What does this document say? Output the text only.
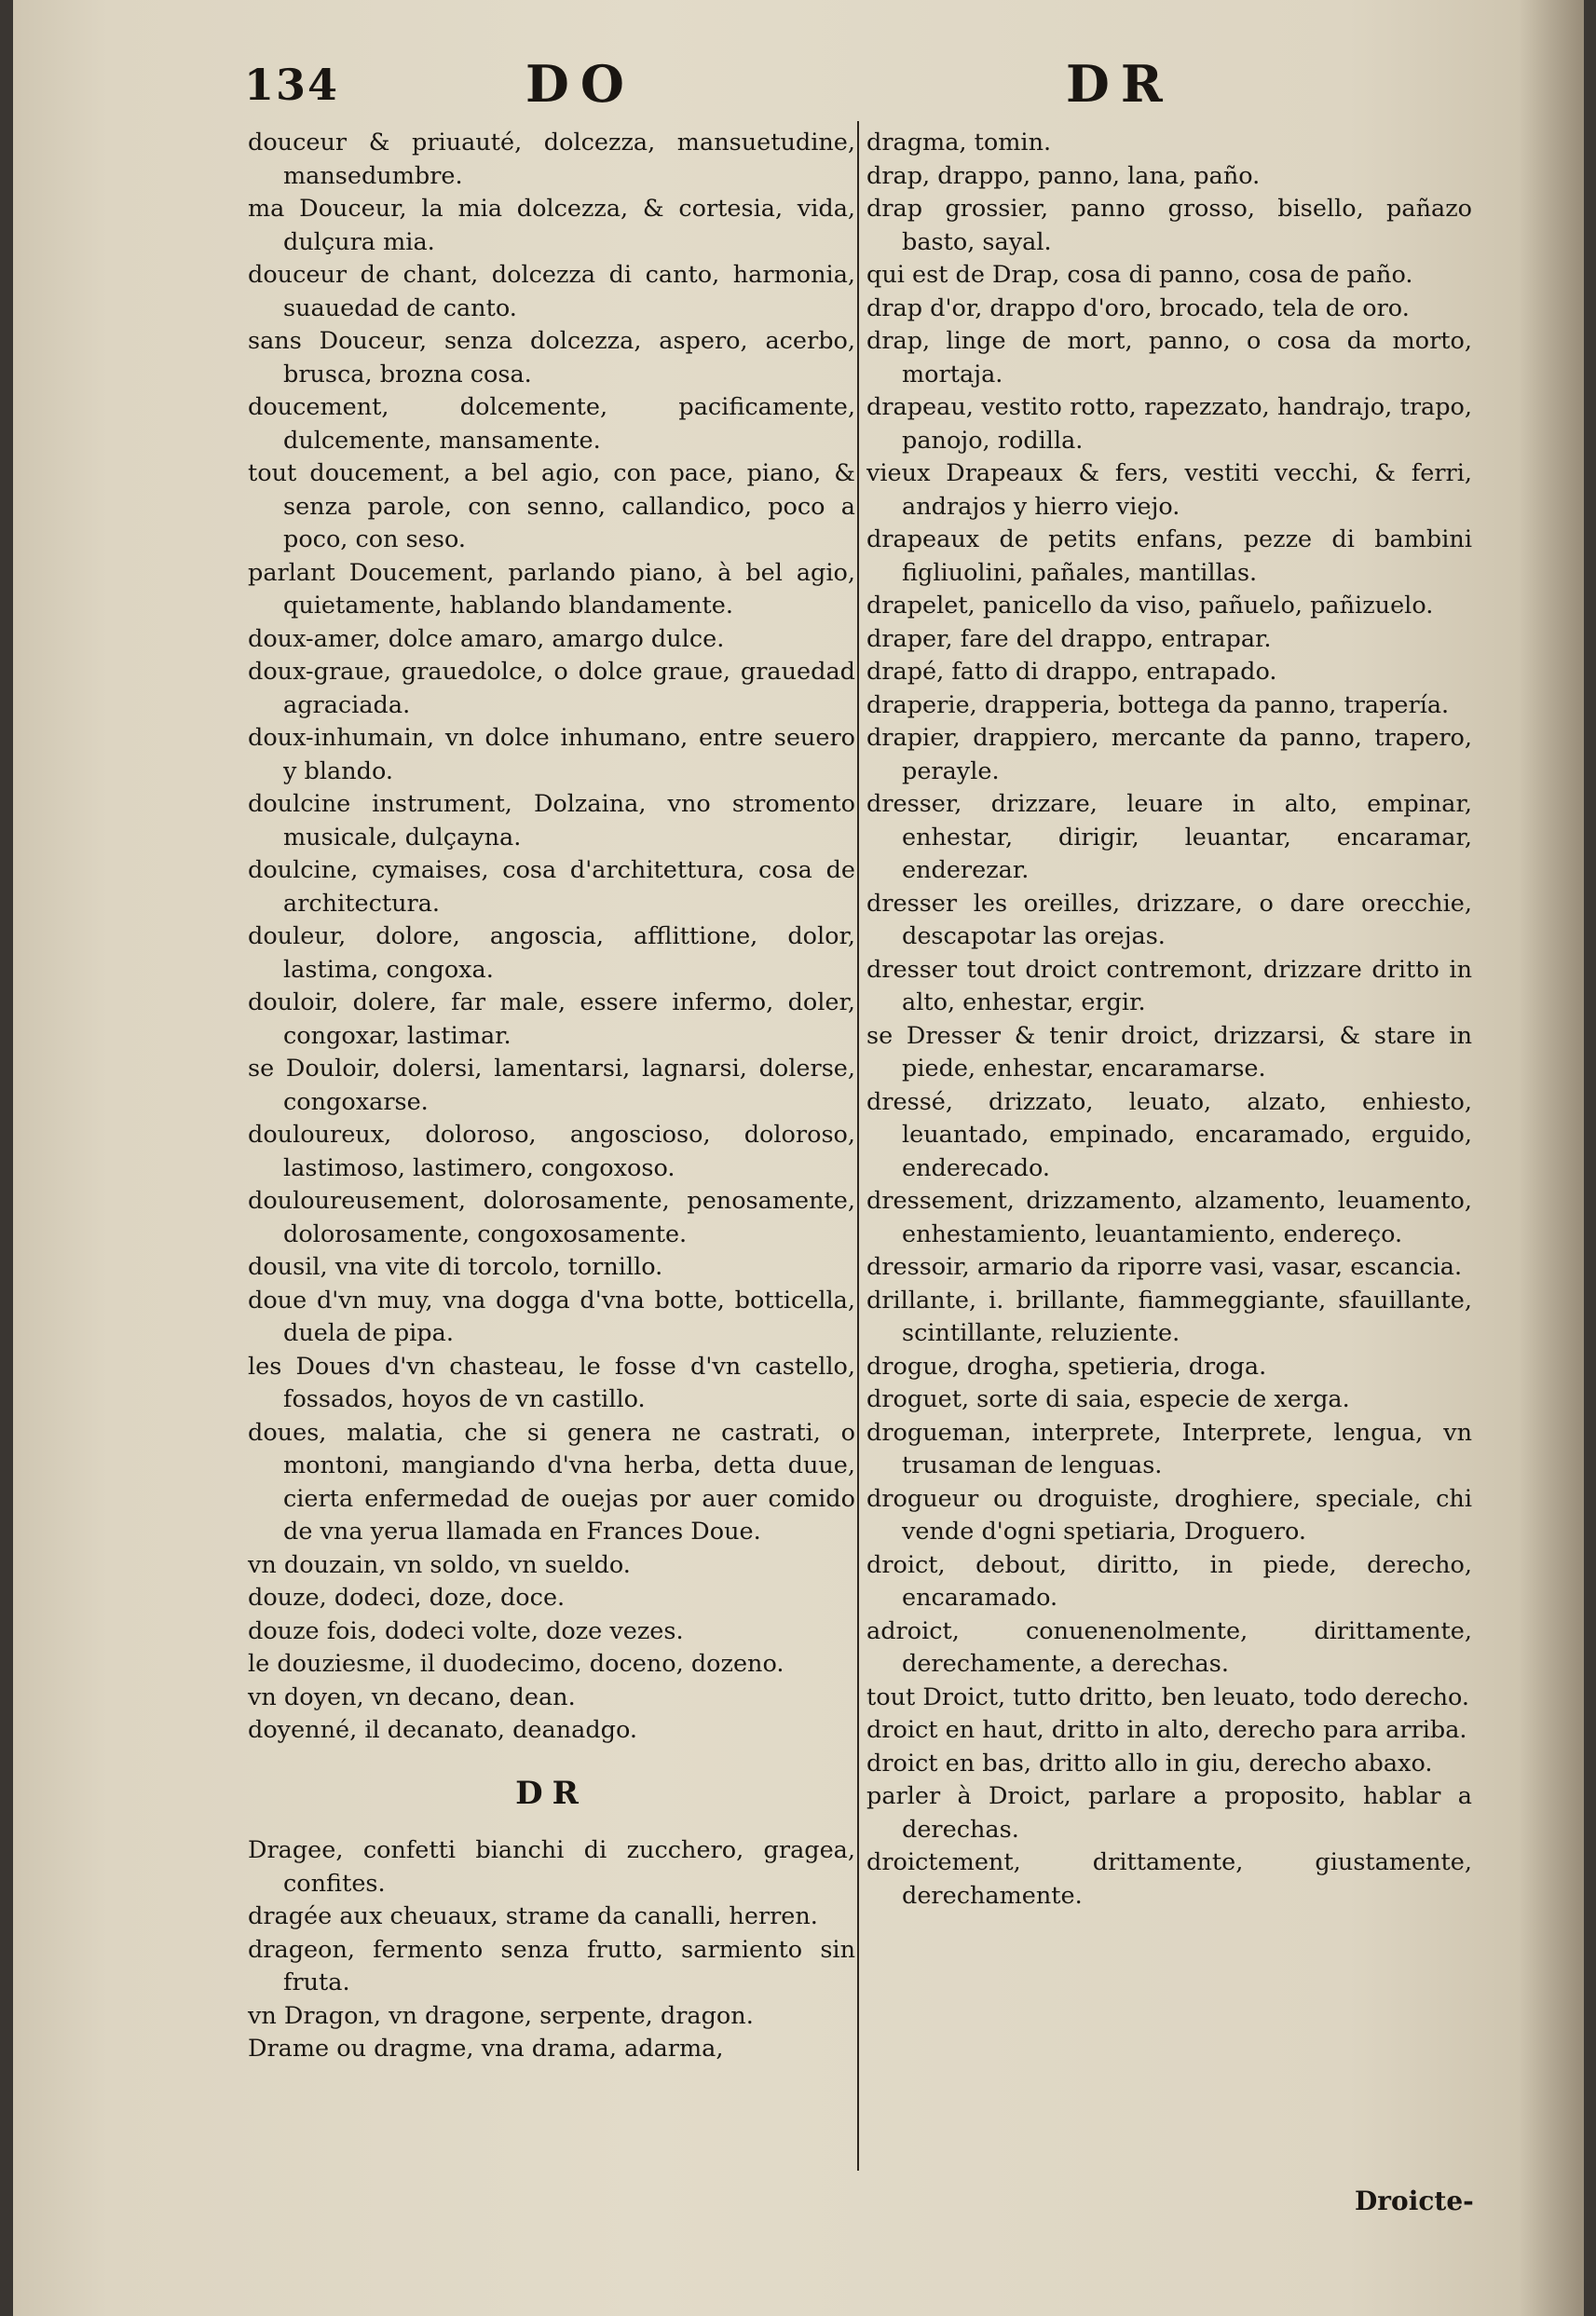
134	DO	DR

douceur & priuauté, dolcezza, mansuetudine, mansedumbre.

ma Douceur, la mia dolcezza, & cortesia, vida, dulçura mia.

douceur de chant, dolcezza di canto, harmonia, suauedad de canto.

sans Douceur, senza dolcezza, aspero, acerbo, brusca, brozna cosa.

doucement, dolcemente, pacificamente, dulcemente, mansamente.

tout doucement, a bel agio, con pace, piano, & senza parole, con senno, callandico, poco a poco, con seso.

parlant Doucement, parlando piano, à bel agio, quietamente, hablando blandamente.

doux-amer, dolce amaro, amargo dulce.

doux-graue, grauedolce, o dolce graue, grauedad agraciada.

doux-inhumain, vn dolce inhumano, entre seuero y blando.

doulcine instrument, Dolzaina, vno stromento musicale, dulçayna.

doulcine, cymaises, cosa d'architettura, cosa de architectura.

douleur, dolore, angoscia, afflittione, dolor, lastima, congoxa.

douloir, dolere, far male, essere infermo, doler, congoxar, lastimar.

se Douloir, dolersi, lamentarsi, lagnarsi, dolerse, congoxarse.

douloureux, doloroso, angoscioso, doloroso, lastimoso, lastimero, congoxoso.

douloureusement, dolorosamente, penosamente, dolorosamente, congoxosamente.

dousil, vna vite di torcolo, tornillo.

doue d'vn muy, vna dogga d'vna botte, botticella, duela de pipa.

les Doues d'vn chasteau, le fosse d'vn castello, fossados, hoyos de vn castillo.

doues, malatia, che si genera ne castrati, o montoni, mangiando d'vna herba, detta duue, cierta enfermedad de ouejas por auer comido de vna yerua llamada en Frances Doue.

vn douzain, vn soldo, vn sueldo.

douze, dodeci, doze, doce.

douze fois, dodeci volte, doze vezes.

le douziesme, il duodecimo, doceno, dozeno.

vn doyen, vn decano, dean.

doyenné, il decanato, deanadgo.

DR

Dragee, confetti bianchi di zucchero, gragea, confites.

dragée aux cheuaux, strame da canalli, herren.

drageon, fermento senza frutto, sarmiento sin fruta.

vn Dragon, vn dragone, serpente, dragon.

Drame ou dragme, vna drama, adarma,

dragma, tomin.

drap, drappo, panno, lana, paño.

drap grossier, panno grosso, bisello, pañazo basto, sayal.

qui est de Drap, cosa di panno, cosa de paño.

drap d'or, drappo d'oro, brocado, tela de oro.

drap, linge de mort, panno, o cosa da morto, mortaja.

drapeau, vestito rotto, rapezzato, handrajo, trapo, panojo, rodilla.

vieux Drapeaux & fers, vestiti vecchi, & ferri, andrajos y hierro viejo.

drapeaux de petits enfans, pezze di bambini figliuolini, pañales, mantillas.

drapelet, panicello da viso, pañuelo, pañizuelo.

draper, fare del drappo, entrapar.

drapé, fatto di drappo, entrapado.

draperie, drapperia, bottega da panno, trapería.

drapier, drappiero, mercante da panno, trapero, perayle.

dresser, drizzare, leuare in alto, empinar, enhestar, dirigir, leuantar, encaramar, enderezar.

dresser les oreilles, drizzare, o dare orecchie, descapotar las orejas.

dresser tout droict contremont, drizzare dritto in alto, enhestar, ergir.

se Dresser & tenir droict, drizzarsi, & stare in piede, enhestar, encaramarse.

dressé, drizzato, leuato, alzato, enhiesto, leuantado, empinado, encaramado, erguido, enderecado.

dressement, drizzamento, alzamento, leuamento, enhestamiento, leuantamiento, endereço.

dressoir, armario da riporre vasi, vasar, escancia.

drillante, i. brillante, fiammeggiante, sfauillante, scintillante, reluziente.

drogue, drogha, spetieria, droga.

droguet, sorte di saia, especie de xerga.

drogueman, interprete, Interprete, lengua, vn trusaman de lenguas.

drogueur ou droguiste, droghiere, speciale, chi vende d'ogni spetiaria, Droguero.

droict, debout, diritto, in piede, derecho, encaramado.

adroict, conuenenolmente, dirittamente, derechamente, a derechas.

tout Droict, tutto dritto, ben leuato, todo derecho.

droict en haut, dritto in alto, derecho para arriba.

droict en bas, dritto allo in giu, derecho abaxo.

parler à Droict, parlare a proposito, hablar a derechas.

droictement, drittamente, giustamente, derechamente.

Droicte-
